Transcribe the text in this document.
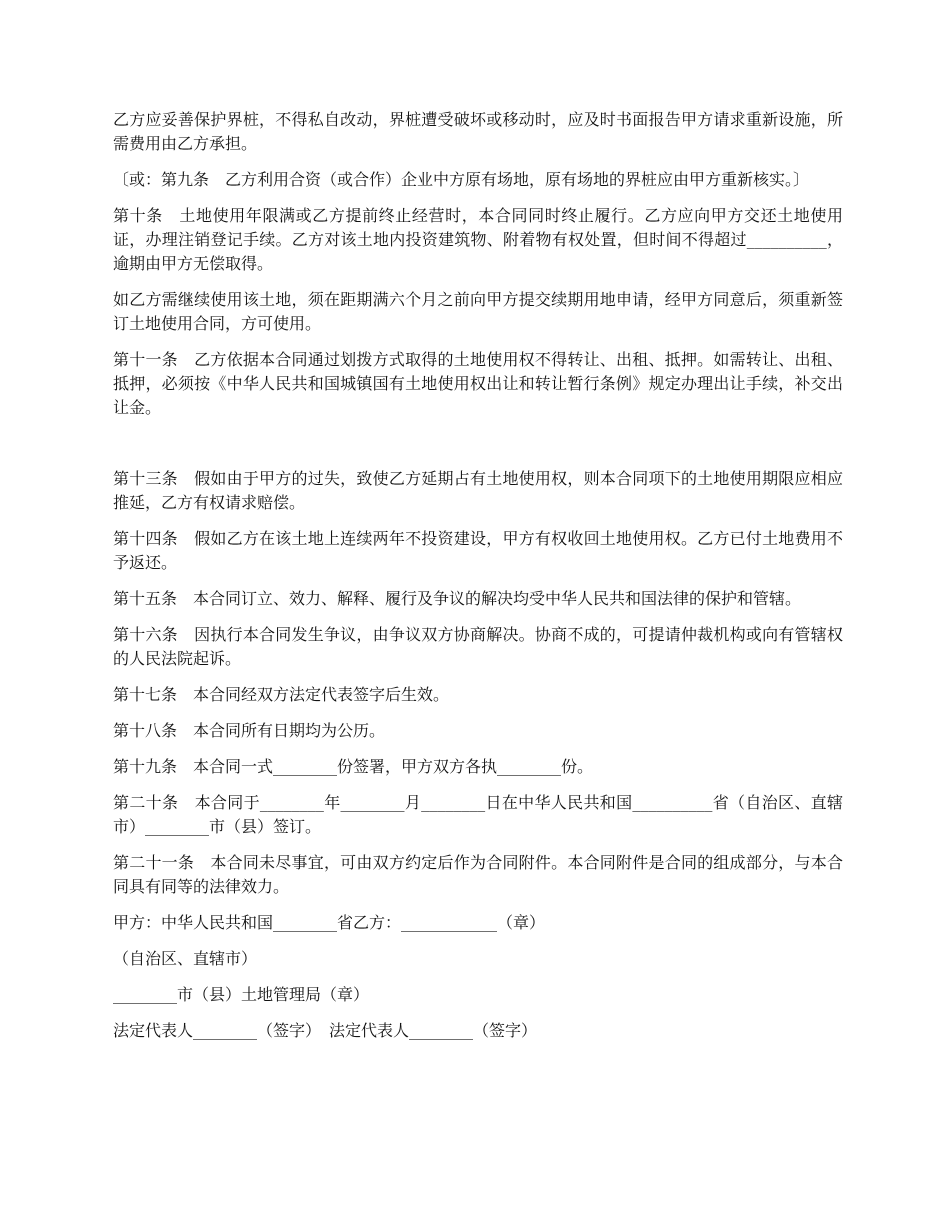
乙方应妥善保护界桩，不得私自改动，界桩遭受破坏或移动时，应及时书面报告甲方请求重新设施，所需费用由乙方承担。

〔或：第九条　乙方利用合资（或合作）企业中方原有场地，原有场地的界桩应由甲方重新核实。〕

第十条　土地使用年限满或乙方提前终止经营时，本合同同时终止履行。乙方应向甲方交还土地使用证，办理注销登记手续。乙方对该土地内投资建筑物、附着物有权处置，但时间不得超过__________，逾期由甲方无偿取得。

如乙方需继续使用该土地，须在距期满六个月之前向甲方提交续期用地申请，经甲方同意后，须重新签订土地使用合同，方可使用。

第十一条　乙方依据本合同通过划拨方式取得的土地使用权不得转让、出租、抵押。如需转让、出租、抵押，必须按《中华人民共和国城镇国有土地使用权出让和转让暂行条例》规定办理出让手续，补交出让金。

第十三条　假如由于甲方的过失，致使乙方延期占有土地使用权，则本合同项下的土地使用期限应相应推延，乙方有权请求赔偿。

第十四条　假如乙方在该土地上连续两年不投资建设，甲方有权收回土地使用权。乙方已付土地费用不予返还。

第十五条　本合同订立、效力、解释、履行及争议的解决均受中华人民共和国法律的保护和管辖。

第十六条　因执行本合同发生争议，由争议双方协商解决。协商不成的，可提请仲裁机构或向有管辖权的人民法院起诉。

第十七条　本合同经双方法定代表签字后生效。

第十八条　本合同所有日期均为公历。

第十九条　本合同一式________份签署，甲方双方各执________份。

第二十条　本合同于________年________月________日在中华人民共和国__________省（自治区、直辖市）________市（县）签订。

第二十一条　本合同未尽事宜，可由双方约定后作为合同附件。本合同附件是合同的组成部分，与本合同具有同等的法律效力。

甲方：中华人民共和国________省乙方：____________（章）

（自治区、直辖市）

________市（县）土地管理局（章）

法定代表人________（签字）　法定代表人________（签字）
